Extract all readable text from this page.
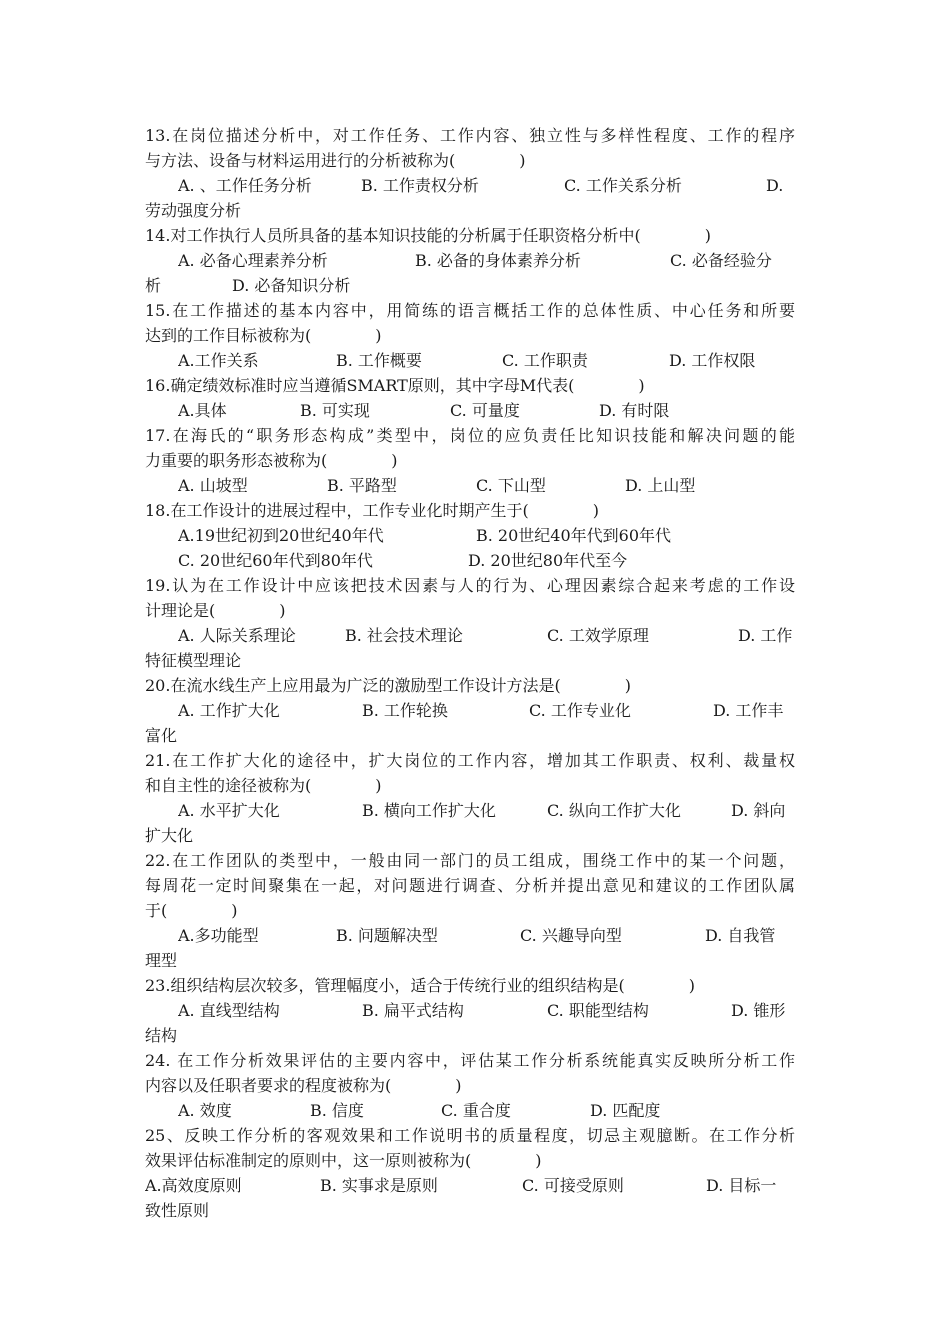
13.在岗位描述分析中，对工作任务、工作内容、独立性与多样性程度、工作的程序
与方法、设备与材料运用进行的分析被称为(　　　　)
A. 、工作任务分析	B. 工作责权分析	C. 工作关系分析	D.
劳动强度分析
14.对工作执行人员所具备的基本知识技能的分析属于任职资格分析中(　　　　)
A. 必备心理素养分析	B. 必备的身体素养分析	C. 必备经验分
析	D. 必备知识分析
15.在工作描述的基本内容中，用简练的语言概括工作的总体性质、中心任务和所要
达到的工作目标被称为(　　　　)
A.工作关系	B. 工作概要	C. 工作职责	D. 工作权限
16.确定绩效标准时应当遵循SMART原则，其中字母M代表(　　　　)
A.具体	B. 可实现	C. 可量度	D. 有时限
17.在海氏的“职务形态构成”类型中，岗位的应负责任比知识技能和解决问题的能
力重要的职务形态被称为(　　　　)
A. 山坡型	B. 平路型	C. 下山型	D. 上山型
18.在工作设计的进展过程中，工作专业化时期产生于(　　　　)
A.19世纪初到20世纪40年代	B. 20世纪40年代到60年代
C. 20世纪60年代到80年代	D. 20世纪80年代至今
19.认为在工作设计中应该把技术因素与人的行为、心理因素综合起来考虑的工作设
计理论是(　　　　)
A. 人际关系理论	B. 社会技术理论	C. 工效学原理	D. 工作
特征模型理论
20.在流水线生产上应用最为广泛的激励型工作设计方法是(　　　　)
A. 工作扩大化	B. 工作轮换	C. 工作专业化	D. 工作丰
富化
21.在工作扩大化的途径中，扩大岗位的工作内容，增加其工作职责、权利、裁量权
和自主性的途径被称为(　　　　)
A. 水平扩大化	B. 横向工作扩大化	C. 纵向工作扩大化	D. 斜向
扩大化
22.在工作团队的类型中，一般由同一部门的员工组成，围绕工作中的某一个问题，
每周花一定时间聚集在一起，对问题进行调查、分析并提出意见和建议的工作团队属
于(　　　　)
A.多功能型	B. 问题解决型	C. 兴趣导向型	D. 自我管
理型
23.组织结构层次较多，管理幅度小，适合于传统行业的组织结构是(　　　　)
A. 直线型结构	B. 扁平式结构	C. 职能型结构	D. 锥形
结构
24. 在工作分析效果评估的主要内容中，评估某工作分析系统能真实反映所分析工作
内容以及任职者要求的程度被称为(　　　　)
A. 效度	B. 信度	C. 重合度	D. 匹配度
25、反映工作分析的客观效果和工作说明书的质量程度，切忌主观臆断。在工作分析
效果评估标准制定的原则中，这一原则被称为(　　　　)
A.高效度原则	B. 实事求是原则	C. 可接受原则	D. 目标一
致性原则
